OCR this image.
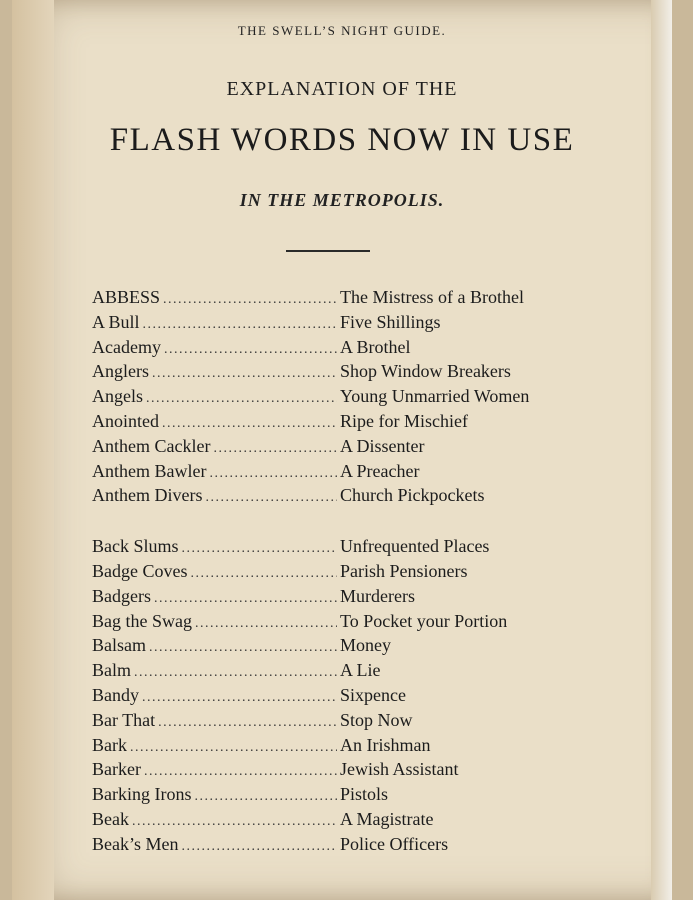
THE SWELL’S NIGHT GUIDE.
EXPLANATION OF THE
FLASH WORDS NOW IN USE
IN THE METROPOLIS.
ABBESS . . .	The Mistress of a Brothel
A Bull . . .	Five Shillings
Academy . . .	A Brothel
Anglers . . .	Shop Window Breakers
Angels . . .	Young Unmarried Women
Anointed . . .	Ripe for Mischief
Anthem Cackler . . .	A Dissenter
Anthem Bawler . . .	A Preacher
Anthem Divers . . .	Church Pickpockets
Back Slums . . .	Unfrequented Places
Badge Coves . . .	Parish Pensioners
Badgers . . .	Murderers
Bag the Swag . . .	To Pocket your Portion
Balsam . . .	Money
Balm . . .	A Lie
Bandy . . .	Sixpence
Bar That . . .	Stop Now
Bark . . .	An Irishman
Barker . . .	Jewish Assistant
Barking Irons . . .	Pistols
Beak . . .	A Magistrate
Beak’s Men . . .	Police Officers
